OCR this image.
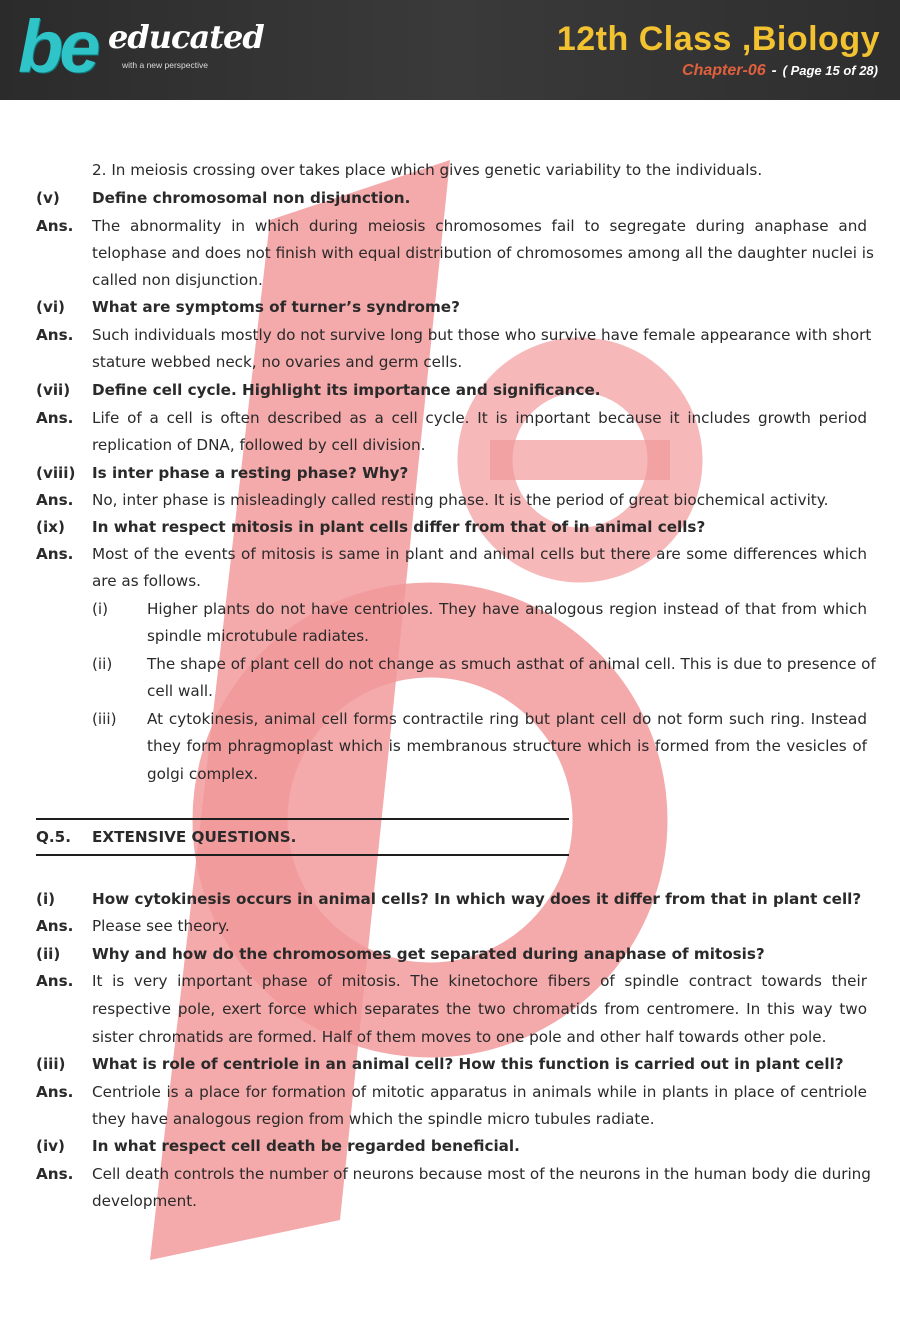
be educated
with a new perspective
12th Class ,Biology
Chapter-06 - ( Page 15 of 28)
2. In meiosis crossing over takes place which gives genetic variability to the individuals.
(v) Define chromosomal non disjunction.
Ans. The abnormality in which during meiosis chromosomes fail to segregate during anaphase and
telophase and does not finish with equal distribution of chromosomes among all the daughter nuclei is
called non disjunction.
(vi) What are symptoms of turner’s syndrome?
Ans. Such individuals mostly do not survive long but those who survive have female appearance with short
stature webbed neck, no ovaries and germ cells.
(vii) Define cell cycle. Highlight its importance and significance.
Ans. Life of a cell is often described as a cell cycle. It is important because it includes growth period
replication of DNA, followed by cell division.
(viii) Is inter phase a resting phase? Why?
Ans. No, inter phase is misleadingly called resting phase. It is the period of great biochemical activity.
(ix) In what respect mitosis in plant cells differ from that of in animal cells?
Ans. Most of the events of mitosis is same in plant and animal cells but there are some differences which
are as follows.
(i)	Higher plants do not have centrioles. They have analogous region instead of that from which
spindle microtubule radiates.
(ii) The shape of plant cell do not change as smuch asthat of animal cell. This is due to presence of
cell wall.
(iii) At cytokinesis, animal cell forms contractile ring but plant cell do not form such ring. Instead
they form phragmoplast which is membranous structure which is formed from the vesicles of
golgi complex.
Q.5. EXTENSIVE QUESTIONS.
(i) How cytokinesis occurs in animal cells? In which way does it differ from that in plant cell?
Ans. Please see theory.
(ii) Why and how do the chromosomes get separated during anaphase of mitosis?
Ans. It is very important phase of mitosis. The kinetochore fibers of spindle contract towards their
respective pole, exert force which separates the two chromatids from centromere. In this way two
sister chromatids are formed. Half of them moves to one pole and other half towards other pole.
(iii) What is role of centriole in an animal cell? How this function is carried out in plant cell?
Ans. Centriole is a place for formation of mitotic apparatus in animals while in plants in place of centriole
they have analogous region from which the spindle micro tubules radiate.
(iv) In what respect cell death be regarded beneficial.
Ans. Cell death controls the number of neurons because most of the neurons in the human body die during
development.
